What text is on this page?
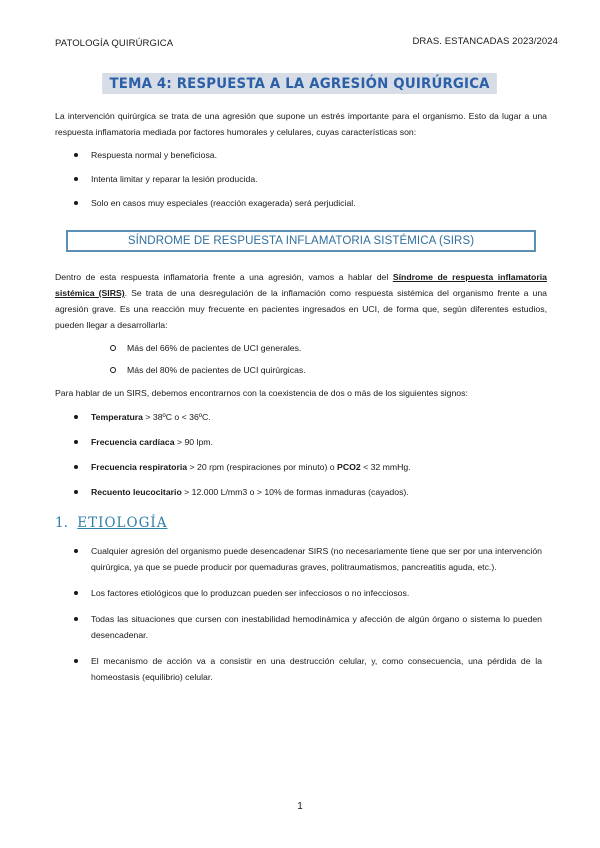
PATOLOGÍA QUIRÚRGICA	DRAS. ESTANCADAS 2023/2024
TEMA 4: RESPUESTA A LA AGRESIÓN QUIRÚRGICA
La intervención quirúrgica se trata de una agresión que supone un estrés importante para el organismo. Esto da lugar a una respuesta inflamatoria mediada por factores humorales y celulares, cuyas características son:
Respuesta normal y beneficiosa.
Intenta limitar y reparar la lesión producida.
Solo en casos muy especiales (reacción exagerada) será perjudicial.
SÍNDROME DE RESPUESTA INFLAMATORIA SISTÉMICA (SIRS)
Dentro de esta respuesta inflamatoria frente a una agresión, vamos a hablar del Síndrome de respuesta inflamatoria sistémica (SIRS). Se trata de una desregulación de la inflamación como respuesta sistémica del organismo frente a una agresión grave. Es una reacción muy frecuente en pacientes ingresados en UCI, de forma que, según diferentes estudios, pueden llegar a desarrollarla:
Más del 66% de pacientes de UCI generales.
Más del 80% de pacientes de UCI quirúrgicas.
Para hablar de un SIRS, debemos encontrarnos con la coexistencia de dos o más de los siguientes signos:
Temperatura > 38ºC o < 36ºC.
Frecuencia cardíaca > 90 lpm.
Frecuencia respiratoria > 20 rpm (respiraciones por minuto) o PCO2 < 32 mmHg.
Recuento leucocitario > 12.000 L/mm3 o > 10% de formas inmaduras (cayados).
1. ETIOLOGÍA
Cualquier agresión del organismo puede desencadenar SIRS (no necesariamente tiene que ser por una intervención quirúrgica, ya que se puede producir por quemaduras graves, politraumatismos, pancreatitis aguda, etc.).
Los factores etiológicos que lo produzcan pueden ser infecciosos o no infecciosos.
Todas las situaciones que cursen con inestabilidad hemodinámica y afección de algún órgano o sistema lo pueden desencadenar.
El mecanismo de acción va a consistir en una destrucción celular, y, como consecuencia, una pérdida de la homeostasis (equilibrio) celular.
1
